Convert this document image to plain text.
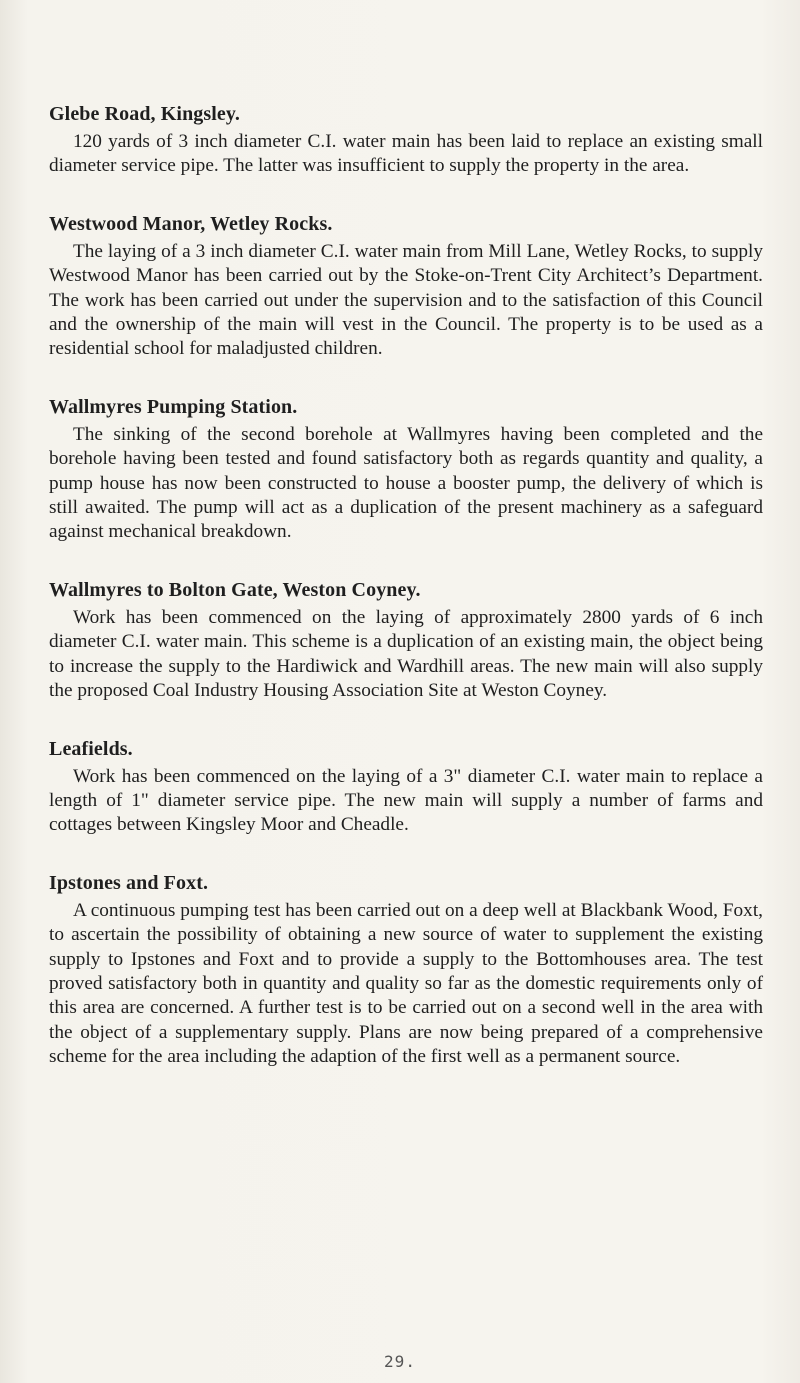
Glebe Road, Kingsley.

120 yards of 3 inch diameter C.I. water main has been laid to replace an existing small diameter service pipe. The latter was insufficient to supply the property in the area.

Westwood Manor, Wetley Rocks.

The laying of a 3 inch diameter C.I. water main from Mill Lane, Wetley Rocks, to supply Westwood Manor has been carried out by the Stoke-on-Trent City Architect’s Department. The work has been carried out under the supervision and to the satisfaction of this Council and the ownership of the main will vest in the Council. The property is to be used as a residential school for maladjusted children.

Wallmyres Pumping Station.

The sinking of the second borehole at Wallmyres having been completed and the borehole having been tested and found satisfactory both as regards quantity and quality, a pump house has now been constructed to house a booster pump, the delivery of which is still awaited. The pump will act as a duplication of the present machinery as a safeguard against mechanical breakdown.

Wallmyres to Bolton Gate, Weston Coyney.

Work has been commenced on the laying of approximately 2800 yards of 6 inch diameter C.I. water main. This scheme is a duplication of an existing main, the object being to increase the supply to the Hardiwick and Wardhill areas. The new main will also supply the proposed Coal Industry Housing Association Site at Weston Coyney.

Leafields.

Work has been commenced on the laying of a 3" diameter C.I. water main to replace a length of 1" diameter service pipe. The new main will supply a number of farms and cottages between Kingsley Moor and Cheadle.

Ipstones and Foxt.

A continuous pumping test has been carried out on a deep well at Blackbank Wood, Foxt, to ascertain the possibility of obtaining a new source of water to supplement the existing supply to Ipstones and Foxt and to provide a supply to the Bottomhouses area. The test proved satisfactory both in quantity and quality so far as the domestic requirements only of this area are concerned. A further test is to be carried out on a second well in the area with the object of a supplementary supply. Plans are now being prepared of a comprehensive scheme for the area including the adaption of the first well as a permanent source.

29.
